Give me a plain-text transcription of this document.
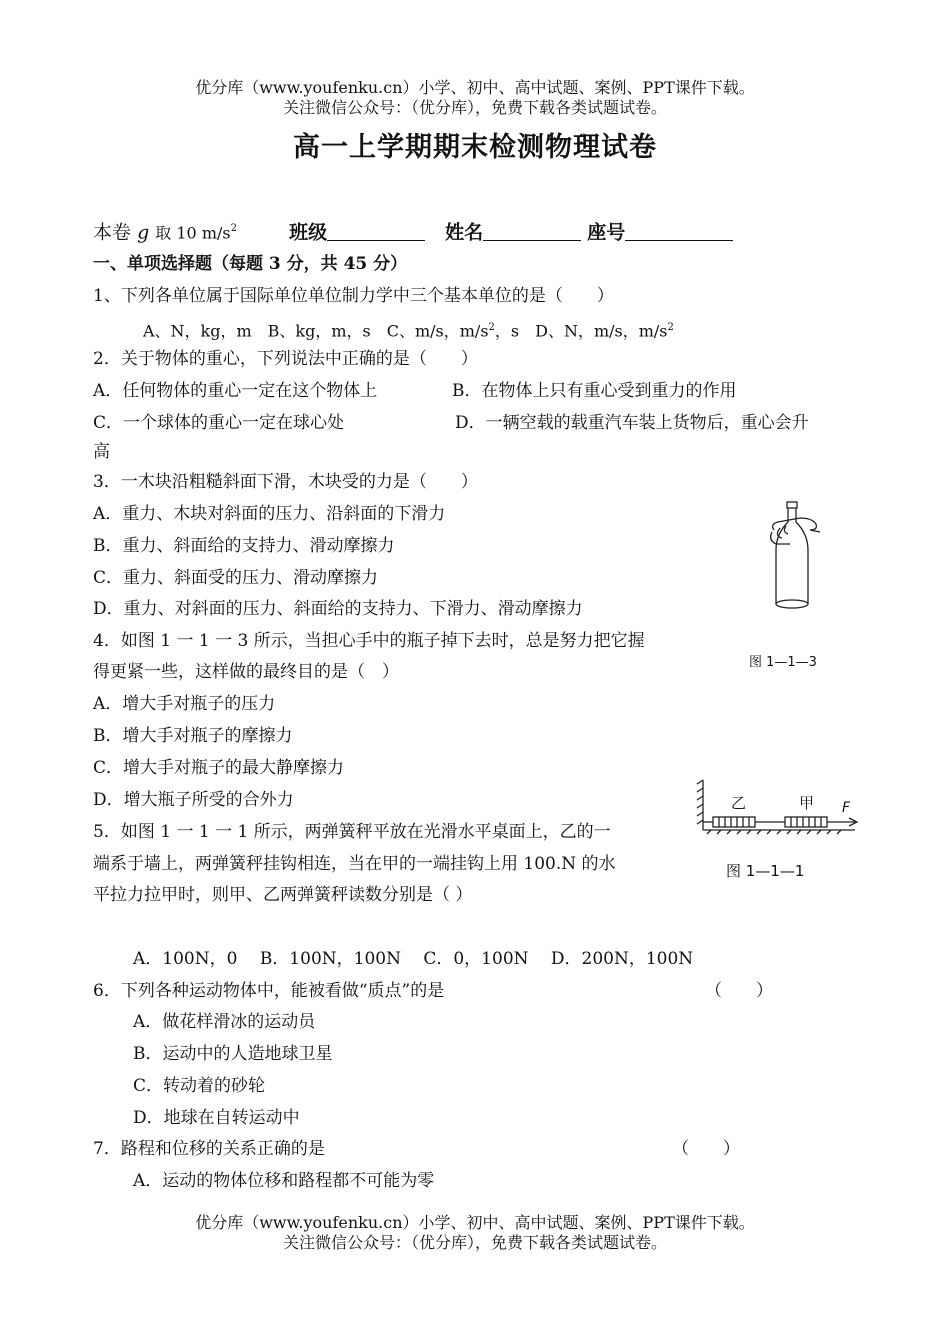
优分库（www.youfenku.cn）小学、初中、高中试题、案例、PPT课件下载。
关注微信公众号：（优分库），免费下载各类试题试卷。
高一上学期期末检测物理试卷
本卷 g 取 10 $m/s^2$	班级	姓名	座号
一、单项选择题（每题 3 分，共 45 分）
1、下列各单位属于国际单位单位制力学中三个基本单位的是（　　）
A、N，kg，m　B、kg，m，s　C、m/s，$m/s^2$，s　D、N，m/s，$m/s^2$
2．关于物体的重心，下列说法中正确的是（　　）
A．任何物体的重心一定在这个物体上	B．在物体上只有重心受到重力的作用
C．一个球体的重心一定在球心处	D．一辆空载的载重汽车装上货物后，重心会升
高
3．一木块沿粗糙斜面下滑，木块受的力是（　　）
A．重力、木块对斜面的压力、沿斜面的下滑力
B．重力、斜面给的支持力、滑动摩擦力
C．重力、斜面受的压力、滑动摩擦力
D．重力、对斜面的压力、斜面给的支持力、下滑力、滑动摩擦力
图 1—1—3
4．如图 1 一 1 一 3 所示，当担心手中的瓶子掉下去时，总是努力把它握
得更紧一些，这样做的最终目的是（　）
A．增大手对瓶子的压力
B．增大手对瓶子的摩擦力
C．增大手对瓶子的最大静摩擦力
D．增大瓶子所受的合外力	乙	甲 F
图 1—1—1
5．如图 1 一 1 一 1 所示，两弹簧秤平放在光滑水平桌面上，乙的一
端系于墙上，两弹簧秤挂钩相连，当在甲的一端挂钩上用 100.N 的水
平拉力拉甲时，则甲、乙两弹簧秤读数分别是（ ）
A．100N，0　 B．100N，100N　 C．0，100N　 D．200N，100N
6．下列各种运动物体中，能被看做“质点”的是	（　　）
A．做花样滑冰的运动员
B．运动中的人造地球卫星
C．转动着的砂轮
D．地球在自转运动中
7．路程和位移的关系正确的是	（　　）
A．运动的物体位移和路程都不可能为零
优分库（www.youfenku.cn）小学、初中、高中试题、案例、PPT课件下载。
关注微信公众号：（优分库），免费下载各类试题试卷。
